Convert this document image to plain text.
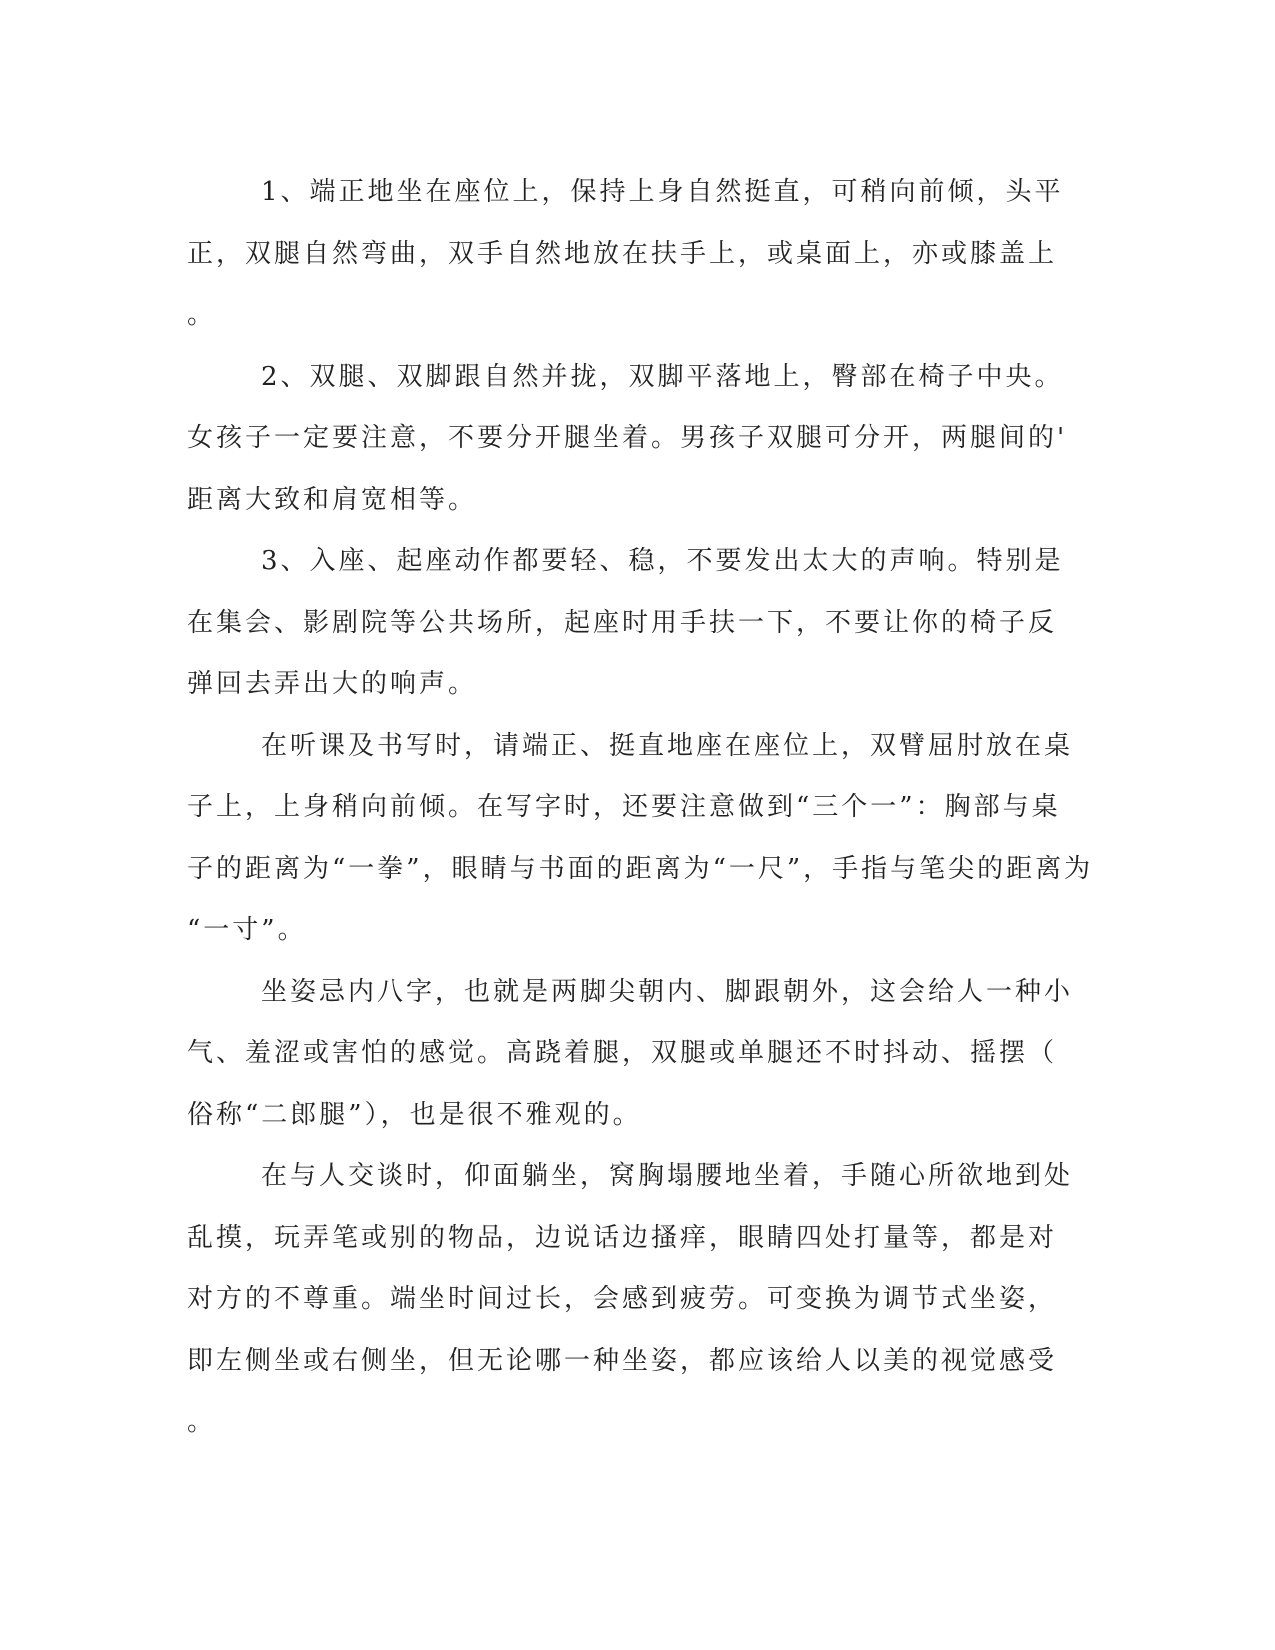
1、端正地坐在座位上，保持上身自然挺直，可稍向前倾，头平
正，双腿自然弯曲，双手自然地放在扶手上，或桌面上，亦或膝盖上
。
2、双腿、双脚跟自然并拢，双脚平落地上，臀部在椅子中央。
女孩子一定要注意，不要分开腿坐着。男孩子双腿可分开，两腿间的'
距离大致和肩宽相等。
3、入座、起座动作都要轻、稳，不要发出太大的声响。特别是
在集会、影剧院等公共场所，起座时用手扶一下，不要让你的椅子反
弹回去弄出大的响声。
在听课及书写时，请端正、挺直地座在座位上，双臂屈肘放在桌
子上，上身稍向前倾。在写字时，还要注意做到“三个一”：胸部与桌
子的距离为“一拳”，眼睛与书面的距离为“一尺”，手指与笔尖的距离为
“一寸”。
坐姿忌内八字，也就是两脚尖朝内、脚跟朝外，这会给人一种小
气、羞涩或害怕的感觉。高跷着腿，双腿或单腿还不时抖动、摇摆（
俗称“二郎腿”），也是很不雅观的。
在与人交谈时，仰面躺坐，窝胸塌腰地坐着，手随心所欲地到处
乱摸，玩弄笔或别的物品，边说话边搔痒，眼睛四处打量等，都是对
对方的不尊重。端坐时间过长，会感到疲劳。可变换为调节式坐姿，
即左侧坐或右侧坐，但无论哪一种坐姿，都应该给人以美的视觉感受
。
